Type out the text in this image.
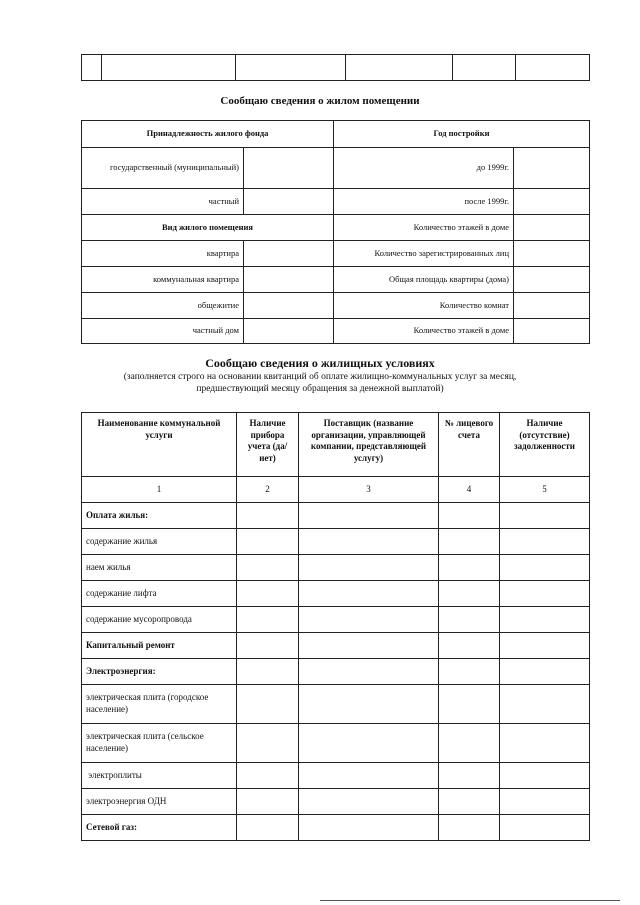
Сообщаю сведения о жилом помещении
Принадлежность жилого фонда		Год постройки	
государственный (муниципальный)		до 1999г.	
частный		после 1999г.	
Вид жилого помещения		Количество этажей в доме	
квартира		Количество зарегистрированных лиц	
коммунальная квартира		Общая площадь квартиры (дома)	
общежитие		Количество комнат	
частный дом		Количество этажей в доме	
Сообщаю сведения о жилищных условиях
(заполняется строго на основании квитанций об оплате жилищно-коммунальных услуг за месяц,
предшествующий месяцу обращения за денежной выплатой)
Наименование коммунальной услуги	Наличие прибора учета (да/нет)	Поставщик (название организации, управляющей компании, представляющей услугу)	№ лицевого счета	Наличие (отсутствие) задолженности
1	2	3	4	5
Оплата жилья:				
содержание жилья				
наем жилья				
содержание лифта				
содержание мусоропровода				
Капитальный ремонт				
Электроэнергия:				
электрическая плита (городское население)				
электрическая плита (сельское население)				
электроплиты				
электроэнергия ОДН				
Сетевой газ:				
